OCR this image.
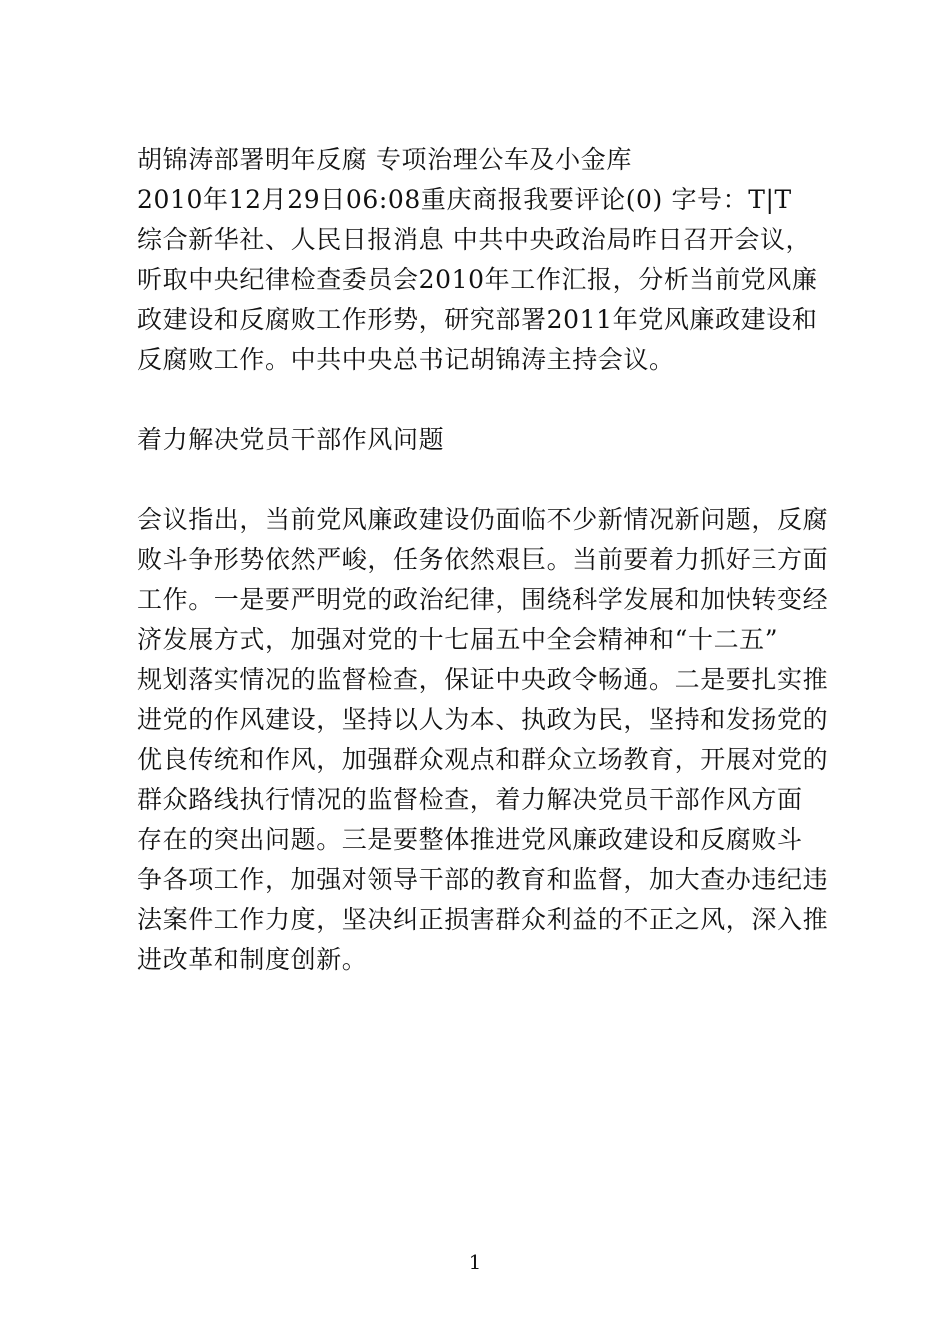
胡锦涛部署明年反腐 专项治理公车及小金库
2010年12月29日06:08重庆商报我要评论(0) 字号：T|T
综合新华社、人民日报消息 中共中央政治局昨日召开会议，
听取中央纪律检查委员会2010年工作汇报，分析当前党风廉
政建设和反腐败工作形势，研究部署2011年党风廉政建设和
反腐败工作。中共中央总书记胡锦涛主持会议。
着力解决党员干部作风问题
会议指出，当前党风廉政建设仍面临不少新情况新问题，反腐
败斗争形势依然严峻，任务依然艰巨。当前要着力抓好三方面
工作。一是要严明党的政治纪律，围绕科学发展和加快转变经
济发展方式，加强对党的十七届五中全会精神和“十二五”
规划落实情况的监督检查，保证中央政令畅通。二是要扎实推
进党的作风建设，坚持以人为本、执政为民，坚持和发扬党的
优良传统和作风，加强群众观点和群众立场教育，开展对党的
群众路线执行情况的监督检查，着力解决党员干部作风方面
存在的突出问题。三是要整体推进党风廉政建设和反腐败斗
争各项工作，加强对领导干部的教育和监督，加大查办违纪违
法案件工作力度，坚决纠正损害群众利益的不正之风，深入推
进改革和制度创新。
1
